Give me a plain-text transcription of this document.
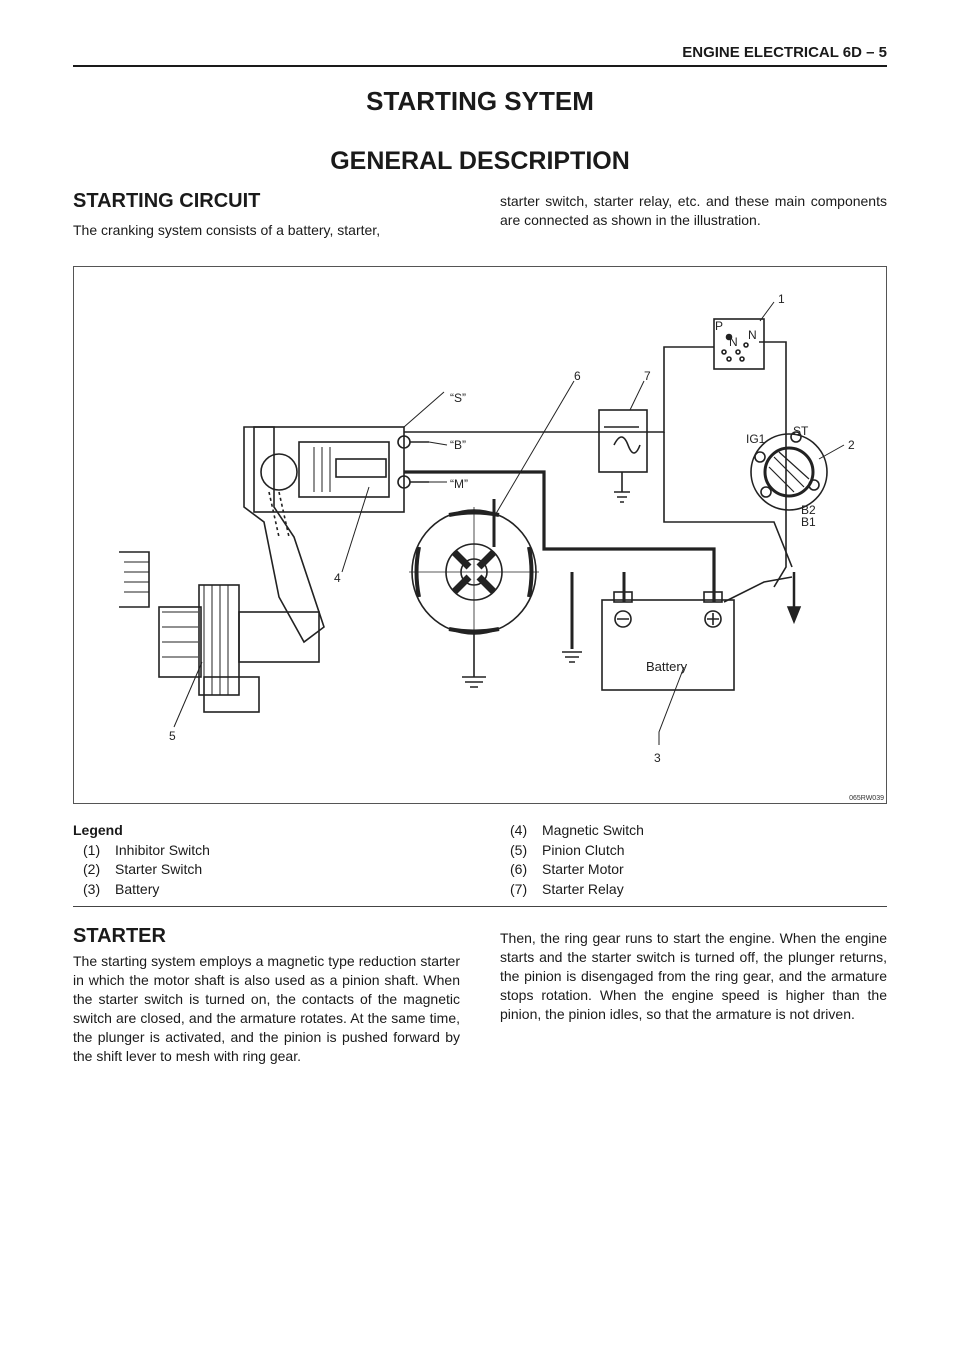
ENGINE ELECTRICAL 6D – 5
STARTING SYTEM
GENERAL DESCRIPTION
STARTING CIRCUIT

The cranking system consists of a battery, starter,

starter switch, starter relay, etc. and these main components are connected as shown in the illustration.

1
2
3
4
5
6	7
“S”
“B”
“M”
IG1
ST
B2
B1
P
N N
Battery
065RW039
Legend
(1)	Inhibitor Switch
(2)	Starter Switch
(3)	Battery
(4)	Magnetic Switch
(5)	Pinion Clutch
(6)	Starter Motor
(7)	Starter Relay
STARTER

The starting system employs a magnetic type reduction starter in which the motor shaft is also used as a pinion shaft. When the starter switch is turned on, the contacts of the magnetic switch are closed, and the armature rotates. At the same time, the plunger is activated, and the pinion is pushed forward by the shift lever to mesh with ring gear.

Then, the ring gear runs to start the engine. When the engine starts and the starter switch is turned off, the plunger returns, the pinion is disengaged from the ring gear, and the armature stops rotation. When the engine speed is higher than the pinion, the pinion idles, so that the armature is not driven.
